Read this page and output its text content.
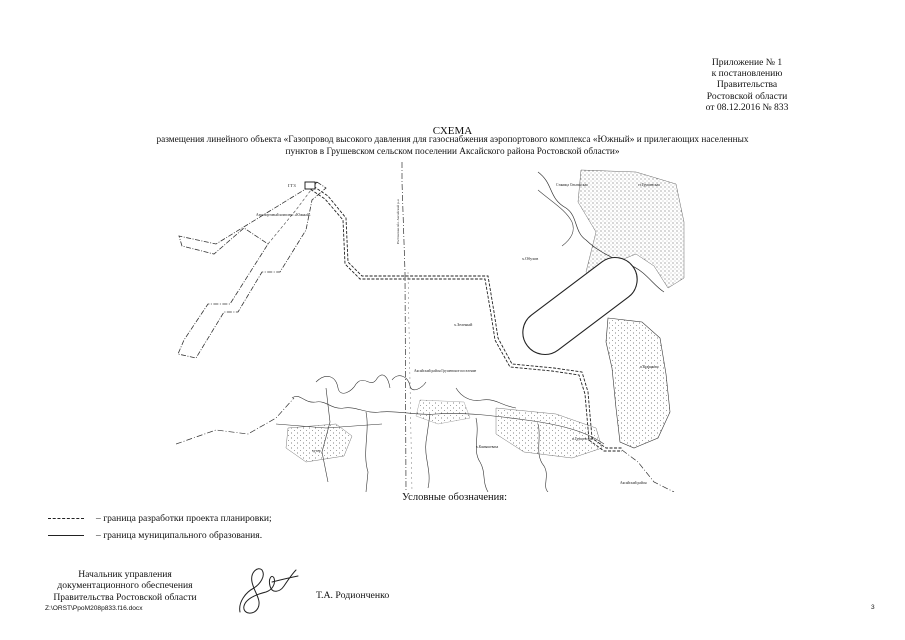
Приложение № 1
к постановлению
Правительства
Ростовской области
от 08.12.2016 № 833
СХЕМА
размещения линейного объекта «Газопровод высокого давления для газоснабжения аэропортового комплекса «Южный» и прилегающих населенных пунктов в Грушевском сельском поселении Аксайского района Ростовской области»
ГГЗ
Аэропортовый комплекс «Южный»	Ростовская обл. Аксайский р-н
х.Обухов
Станица Ольгинская	ст.Грушевская
х.Зеленый
Аксайский район Грушевское поселение
п.Кудряково
п.Грушевский
Аксайский район
хутор
х.Камышеваха
Условные обозначения:
– граница разработки проекта планировки;
– граница муниципального образования.
Начальник управления
документационного обеспечения
Правительства Ростовской области	Т.А. Родионченко
Z:\ORST\PpoM208p833.f16.docx	3
